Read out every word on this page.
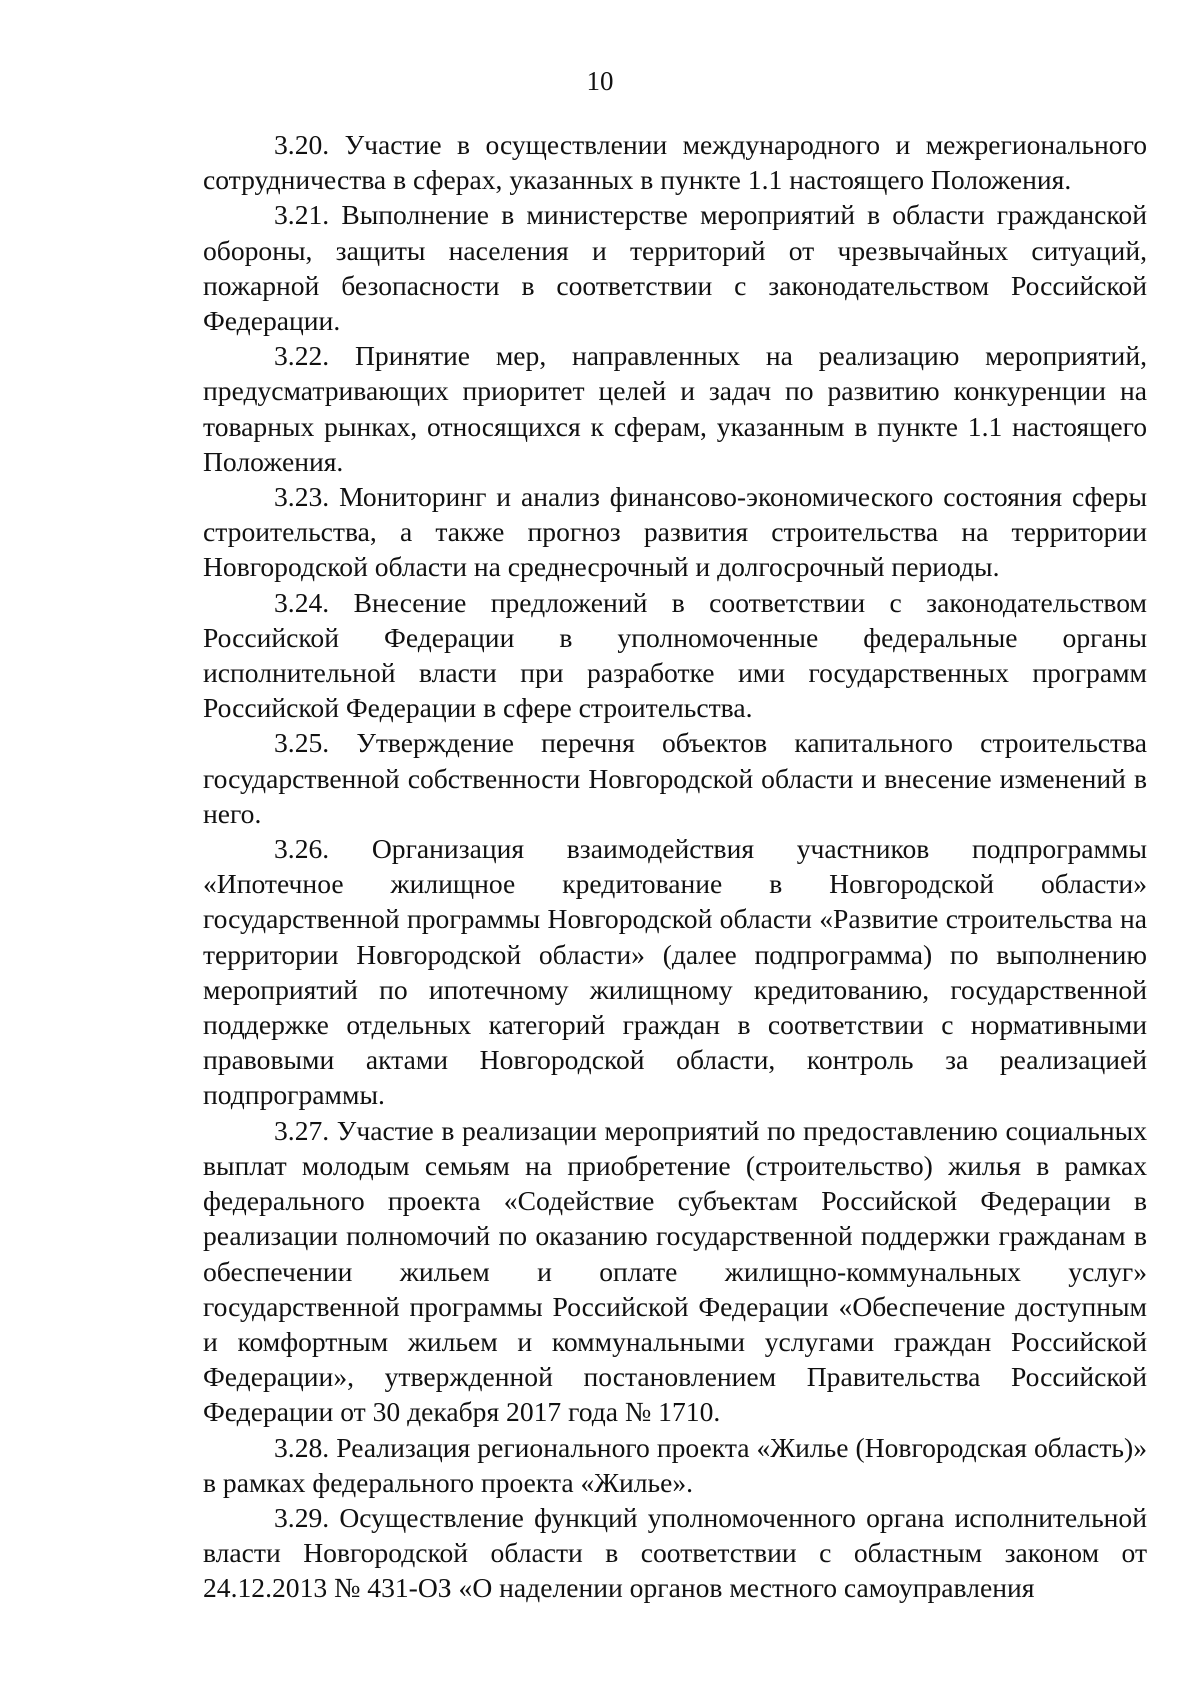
10

3.20. Участие в осуществлении международного и межрегионального сотрудничества в сферах, указанных в пункте 1.1 настоящего Положения.

3.21. Выполнение в министерстве мероприятий в области гражданской обороны, защиты населения и территорий от чрезвычайных ситуаций, пожарной безопасности в соответствии с законодательством Российской Федерации.

3.22. Принятие мер, направленных на реализацию мероприятий, предусматривающих приоритет целей и задач по развитию конкуренции на товарных рынках, относящихся к сферам, указанным в пункте 1.1 настоящего Положения.

3.23. Мониторинг и анализ финансово-экономического состояния сферы строительства, а также прогноз развития строительства на территории Новгородской области на среднесрочный и долгосрочный периоды.

3.24. Внесение предложений в соответствии с законодательством Российской Федерации в уполномоченные федеральные органы исполнительной власти при разработке ими государственных программ Российской Федерации в сфере строительства.

3.25. Утверждение перечня объектов капитального строительства государственной собственности Новгородской области и внесение изменений в него.

3.26. Организация взаимодействия участников подпрограммы «Ипотечное жилищное кредитование в Новгородской области» государственной программы Новгородской области «Развитие строительства на территории Новгородской области» (далее подпрограмма) по выполнению мероприятий по ипотечному жилищному кредитованию, государственной поддержке отдельных категорий граждан в соответствии с нормативными правовыми актами Новгородской области, контроль за реализацией подпрограммы.

3.27. Участие в реализации мероприятий по предоставлению социальных выплат молодым семьям на приобретение (строительство) жилья в рамках федерального проекта «Содействие субъектам Российской Федерации в реализации полномочий по оказанию государственной поддержки гражданам в обеспечении жильем и оплате жилищно-коммунальных услуг» государственной программы Российской Федерации «Обеспечение доступным и комфортным жильем и коммунальными услугами граждан Российской Федерации», утвержденной постановлением Правительства Российской Федерации от 30 декабря 2017 года № 1710.

3.28. Реализация регионального проекта «Жилье (Новгородская область)» в рамках федерального проекта «Жилье».

3.29. Осуществление функций уполномоченного органа исполнительной власти Новгородской области в соответствии с областным законом от 24.12.2013 № 431-ОЗ «О наделении органов местного самоуправления
